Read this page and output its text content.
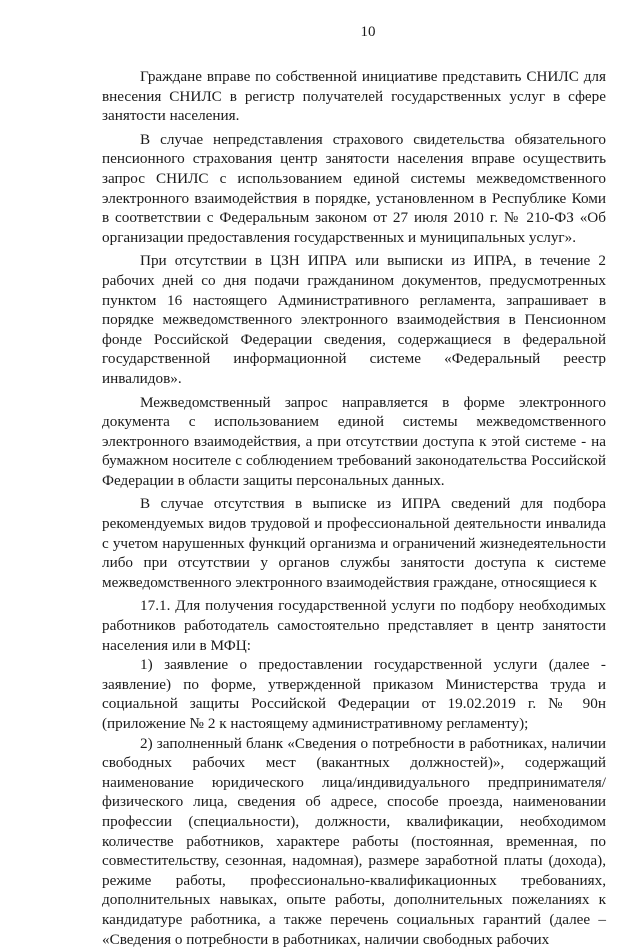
10

Граждане вправе по собственной инициативе представить СНИЛС для внесения СНИЛС в регистр получателей государственных услуг в сфере занятости населения.

В случае непредставления страхового свидетельства обязательного пенсионного страхования центр занятости населения вправе осуществить запрос СНИЛС с использованием единой системы межведомственного электронного взаимодействия в порядке, установленном в Республике Коми в соответствии с Федеральным законом от 27 июля 2010 г. № 210-ФЗ «Об организации предоставления государственных и муниципальных услуг».

При отсутствии в ЦЗН ИПРА или выписки из ИПРА, в течение 2 рабочих дней со дня подачи гражданином документов, предусмотренных пунктом 16 настоящего Административного регламента, запрашивает в порядке межведомственного электронного взаимодействия в Пенсионном фонде Российской Федерации сведения, содержащиеся в федеральной государственной информационной системе «Федеральный реестр инвалидов».

Межведомственный запрос направляется в форме электронного документа с использованием единой системы межведомственного электронного взаимодействия, а при отсутствии доступа к этой системе - на бумажном носителе с соблюдением требований законодательства Российской Федерации в области защиты персональных данных.

В случае отсутствия в выписке из ИПРА сведений для подбора рекомендуемых видов трудовой и профессиональной деятельности инвалида с учетом нарушенных функций организма и ограничений жизнедеятельности либо при отсутствии у органов службы занятости доступа к системе межведомственного электронного взаимодействия граждане, относящиеся к

17.1. Для получения государственной услуги по подбору необходимых работников работодатель самостоятельно представляет в центр занятости населения или в МФЦ:

1) заявление о предоставлении государственной услуги (далее - заявление) по форме, утвержденной приказом Министерства труда и социальной защиты Российской Федерации от 19.02.2019 г. № 90н (приложение № 2 к настоящему административному регламенту);

2) заполненный бланк «Сведения о потребности в работниках, наличии свободных рабочих мест (вакантных должностей)», содержащий наименование юридического лица/индивидуального предпринимателя/физического лица, сведения об адресе, способе проезда, наименовании профессии (специальности), должности, квалификации, необходимом количестве работников, характере работы (постоянная, временная, по совместительству, сезонная, надомная), размере заработной платы (дохода), режиме работы, профессионально-квалификационных требованиях, дополнительных навыках, опыте работы, дополнительных пожеланиях к кандидатуре работника, а также перечень социальных гарантий (далее – «Сведения о потребности в работниках, наличии свободных рабочих
